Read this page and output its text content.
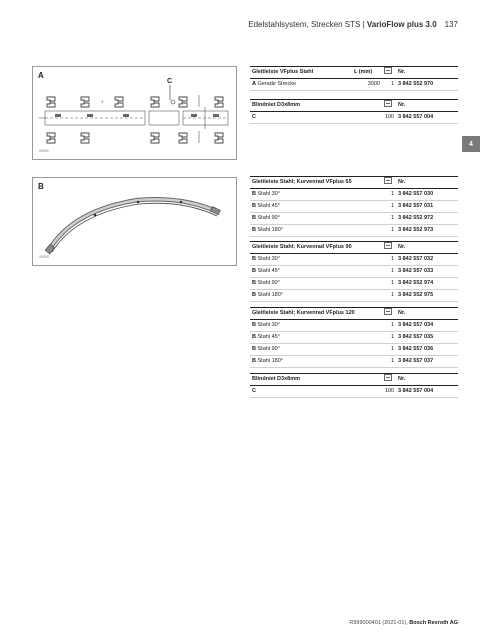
Edelstahlsystem, Strecken STS | VarioFlow plus 3.0 137
4
A
C
Y
00000
B
00000
Gleitleiste VFplus Stahl	L (mm)	Nr.
A Gerade Strecke	3000	1 3 842 552 970
Blindniet D3x8mm	Nr.
C	100 3 842 557 004
Gleitleiste Stahl; Kurvenrad VFplus 65	Nr.
B Stahl 30°	1 3 842 557 030
B Stahl 45°	1 3 842 557 031
B Stahl 90°	1 3 842 552 972
B Stahl 180°	1 3 842 552 973
Gleitleiste Stahl; Kurvenrad VFplus 90	Nr.
B Stahl 30°	1 3 842 557 032
B Stahl 45°	1 3 842 557 033
B Stahl 90°	1 3 842 552 974
B Stahl 180°	1 3 842 552 975
Gleitleiste Stahl; Kurvenrad VFplus 120	Nr.
B Stahl 30°	1 3 842 557 034
B Stahl 45°	1 3 842 557 035
B Stahl 90°	1 3 842 557 036
B Stahl 180°	1 3 842 557 037
Blindniet D3x8mm	Nr.
C	100 3 842 557 004
R999000401 (2021-01), Bosch Rexroth AG
